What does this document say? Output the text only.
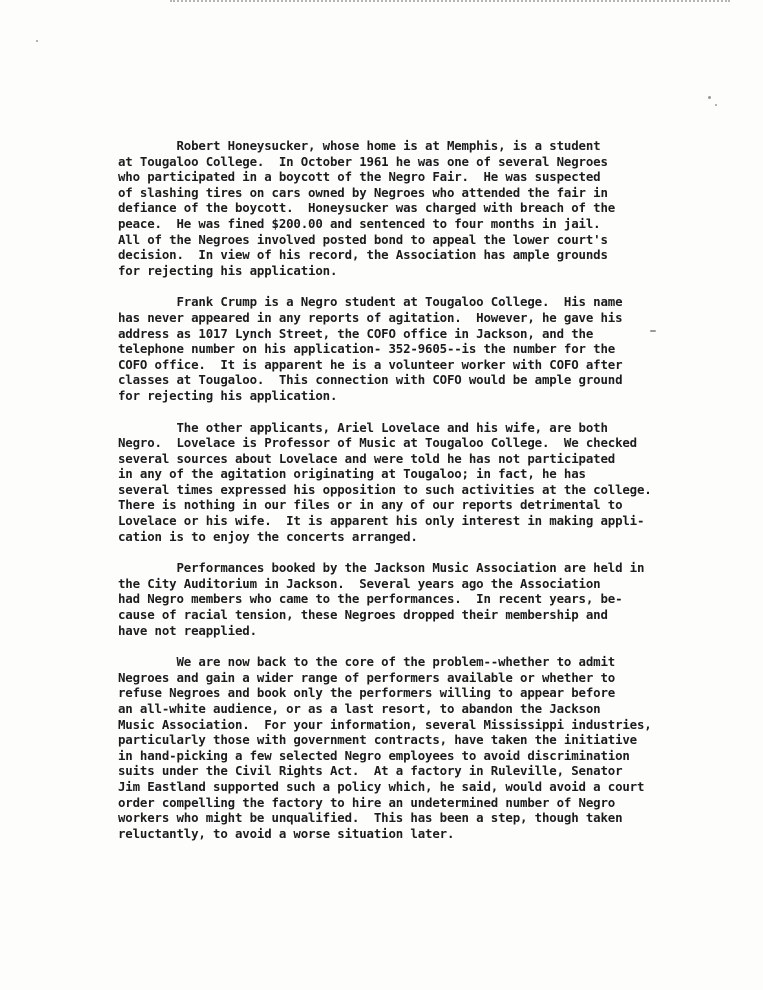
Robert Honeysucker, whose home is at Memphis, is a student
at Tougaloo College.  In October 1961 he was one of several Negroes
who participated in a boycott of the Negro Fair.  He was suspected
of slashing tires on cars owned by Negroes who attended the fair in
defiance of the boycott.  Honeysucker was charged with breach of the
peace.  He was fined $200.00 and sentenced to four months in jail.
All of the Negroes involved posted bond to appeal the lower court's
decision.  In view of his record, the Association has ample grounds
for rejecting his application.
Frank Crump is a Negro student at Tougaloo College.  His name
has never appeared in any reports of agitation.  However, he gave his
address as 1017 Lynch Street, the COFO office in Jackson, and the
telephone number on his application- 352-9605--is the number for the
COFO office.  It is apparent he is a volunteer worker with COFO after
classes at Tougaloo.  This connection with COFO would be ample ground
for rejecting his application.
The other applicants, Ariel Lovelace and his wife, are both
Negro.  Lovelace is Professor of Music at Tougaloo College.  We checked
several sources about Lovelace and were told he has not participated
in any of the agitation originating at Tougaloo; in fact, he has
several times expressed his opposition to such activities at the college.
There is nothing in our files or in any of our reports detrimental to
Lovelace or his wife.  It is apparent his only interest in making appli-
cation is to enjoy the concerts arranged.
Performances booked by the Jackson Music Association are held in
the City Auditorium in Jackson.  Several years ago the Association
had Negro members who came to the performances.  In recent years, be-
cause of racial tension, these Negroes dropped their membership and
have not reapplied.
We are now back to the core of the problem--whether to admit
Negroes and gain a wider range of performers available or whether to
refuse Negroes and book only the performers willing to appear before
an all-white audience, or as a last resort, to abandon the Jackson
Music Association.  For your information, several Mississippi industries,
particularly those with government contracts, have taken the initiative
in hand-picking a few selected Negro employees to avoid discrimination
suits under the Civil Rights Act.  At a factory in Ruleville, Senator
Jim Eastland supported such a policy which, he said, would avoid a court
order compelling the factory to hire an undetermined number of Negro
workers who might be unqualified.  This has been a step, though taken
reluctantly, to avoid a worse situation later.
